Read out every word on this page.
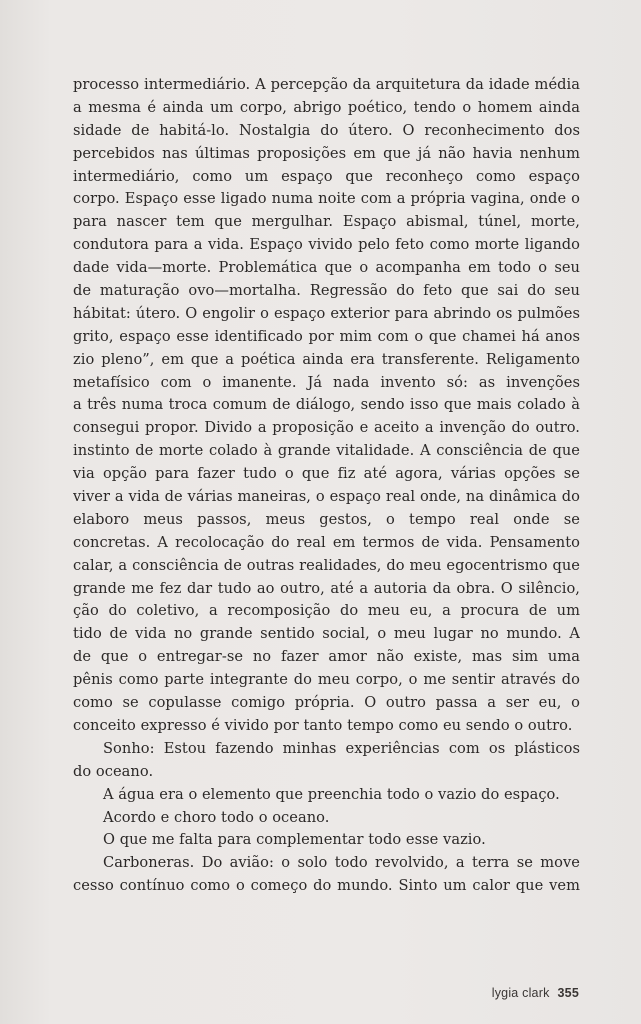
processo intermediário. A percepção da arquitetura da idade média
a mesma é ainda um corpo, abrigo poético, tendo o homem ainda
sidade de habitá-lo. Nostalgia do útero. O reconhecimento dos
percebidos nas últimas proposições em que já não havia nenhum
intermediário, como um espaço que reconheço como espaço
corpo. Espaço esse ligado numa noite com a própria vagina, onde o
para nascer tem que mergulhar. Espaço abismal, túnel, morte,
condutora para a vida. Espaço vivido pelo feto como morte ligando
dade vida—morte. Problemática que o acompanha em todo o seu
de maturação ovo—mortalha. Regressão do feto que sai do seu
hábitat: útero. O engolir o espaço exterior para abrindo os pulmões
grito, espaço esse identificado por mim com o que chamei há anos
zio pleno”, em que a poética ainda era transferente. Religamento
metafísico com o imanente. Já nada invento só: as invenções
a três numa troca comum de diálogo, sendo isso que mais colado à
consegui propor. Divido a proposição e aceito a invenção do outro.
instinto de morte colado à grande vitalidade. A consciência de que
via opção para fazer tudo o que fiz até agora, várias opções se
viver a vida de várias maneiras, o espaço real onde, na dinâmica do
elaboro meus passos, meus gestos, o tempo real onde se
concretas. A recolocação do real em termos de vida. Pensamento
calar, a consciência de outras realidades, do meu egocentrismo que
grande me fez dar tudo ao outro, até a autoria da obra. O silêncio,
ção do coletivo, a recomposição do meu eu, a procura de um
tido de vida no grande sentido social, o meu lugar no mundo. A
de que o entregar-se no fazer amor não existe, mas sim uma
pênis como parte integrante do meu corpo, o me sentir através do
como se copulasse comigo própria. O outro passa a ser eu, o
conceito expresso é vivido por tanto tempo como eu sendo o outro.
Sonho: Estou fazendo minhas experiências com os plásticos
do oceano.
A água era o elemento que preenchia todo o vazio do espaço.
Acordo e choro todo o oceano.
O que me falta para complementar todo esse vazio.
Carboneras. Do avião: o solo todo revolvido, a terra se move
cesso contínuo como o começo do mundo. Sinto um calor que vem
lygia clark 355
